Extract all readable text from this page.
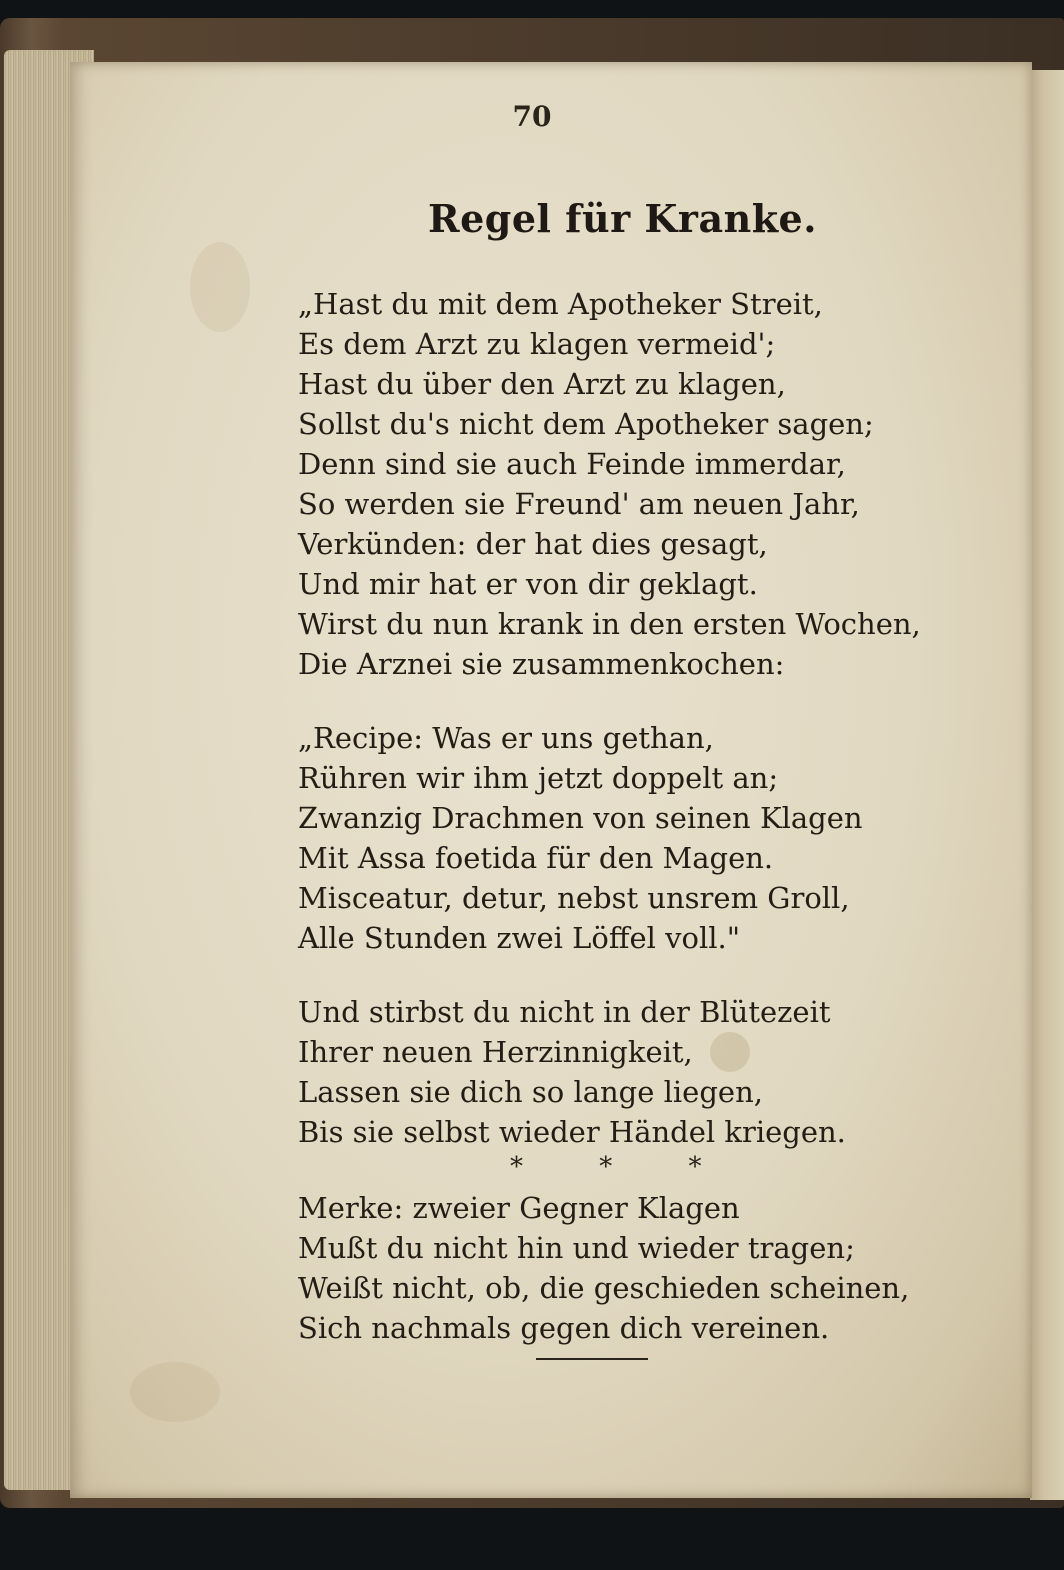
70
Regel für Kranke.
„Hast du mit dem Apotheker Streit,
Es dem Arzt zu klagen vermeid';
Hast du über den Arzt zu klagen,
Sollst du's nicht dem Apotheker sagen;
Denn sind sie auch Feinde immerdar,
So werden sie Freund' am neuen Jahr,
Verkünden: der hat dies gesagt,
Und mir hat er von dir geklagt.
Wirst du nun krank in den ersten Wochen,
Die Arznei sie zusammenkochen:
„Recipe: Was er uns gethan,
Rühren wir ihm jetzt doppelt an;
Zwanzig Drachmen von seinen Klagen
Mit Assa foetida für den Magen.
Misceatur, detur, nebst unsrem Groll,
Alle Stunden zwei Löffel voll."
Und stirbst du nicht in der Blütezeit
Ihrer neuen Herzinnigkeit,
Lassen sie dich so lange liegen,
Bis sie selbst wieder Händel kriegen.
* * *
Merke: zweier Gegner Klagen
Mußt du nicht hin und wieder tragen;
Weißt nicht, ob, die geschieden scheinen,
Sich nachmals gegen dich vereinen.
